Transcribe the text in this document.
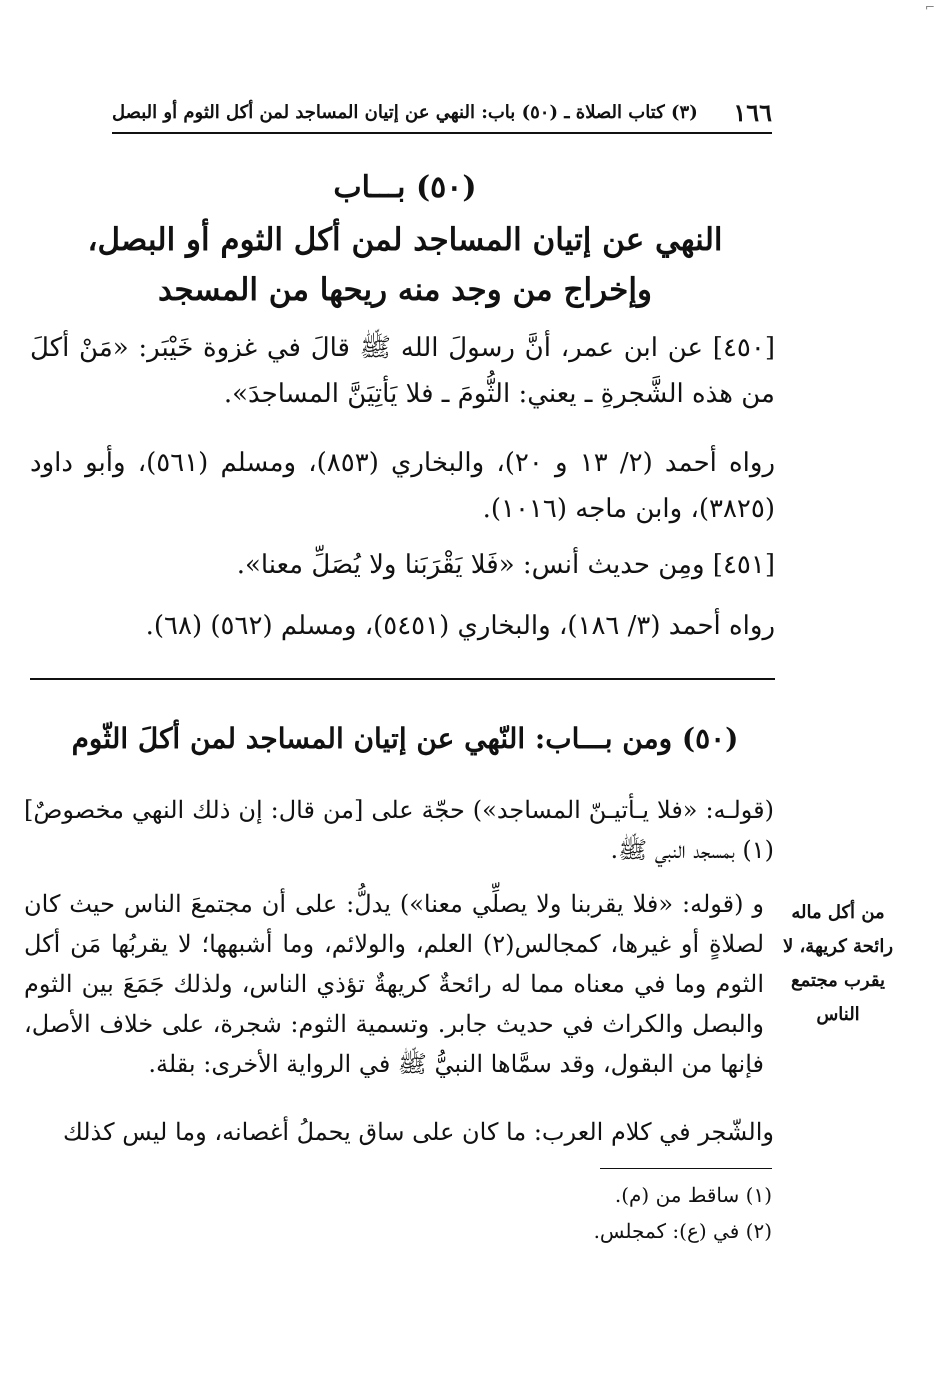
⌐
١٦٦
(٣) كتاب الصلاة ـ (٥٠) باب: النهي عن إتيان المساجد لمن أكل الثوم أو البصل
(٥٠) بـــاب
النهي عن إتيان المساجد لمن أكل الثوم أو البصل،
وإخراج من وجد منه ريحها من المسجد

[٤٥٠] عن ابن عمر، أنَّ رسولَ الله ﷺ قالَ في غزوة خَيْبَر: «مَنْ أكلَ من هذه الشَّجرةِ ـ يعني: الثُّومَ ـ فلا يَأتِيَنَّ المساجدَ».

رواه أحمد (٢/ ١٣ و ٢٠)، والبخاري (٨٥٣)، ومسلم (٥٦١)، وأبو داود (٣٨٢٥)، وابن ماجه (١٠١٦).

[٤٥١] ومِن حديث أنس: «فَلا يَقْرَبَنا ولا يُصَلِّ معنا».

رواه أحمد (٣/ ١٨٦)، والبخاري (٥٤٥١)، ومسلم (٥٦٢) (٦٨).

(٥٠) ومن بـــاب: النّهي عن إتيان المساجد لمن أكلَ الثّوم

(قولـه: «فلا يـأتيـنّ المساجد») حجّة على [من قال: إن ذلك النهي مخصوصٌ](١) بمسجد النبي ﷺ.

و (قوله: «فلا يقربنا ولا يصلِّي معنا») يدلُّ: على أن مجتمعَ الناس حيث كان لصلاةٍ أو غيرها، كمجالس(٢) العلم، والولائم، وما أشبهها؛ لا يقربُها مَن أكل الثوم وما في معناه مما له رائحةٌ كريهةٌ تؤذي الناس، ولذلك جَمَعَ بين الثوم والبصل والكراث في حديث جابر. وتسمية الثوم: شجرة، على خلاف الأصل، فإنها من البقول، وقد سمَّاها النبيُّ ﷺ في الرواية الأخرى: بقلة.

والشّجر في كلام العرب: ما كان على ساق يحملُ أغصانه، وما ليس كذلك

من أكل ماله رائحة كريهة، لا يقرب مجتمع الناس
(١) ساقط من (م).
(٢) في (ع): كمجلس.
